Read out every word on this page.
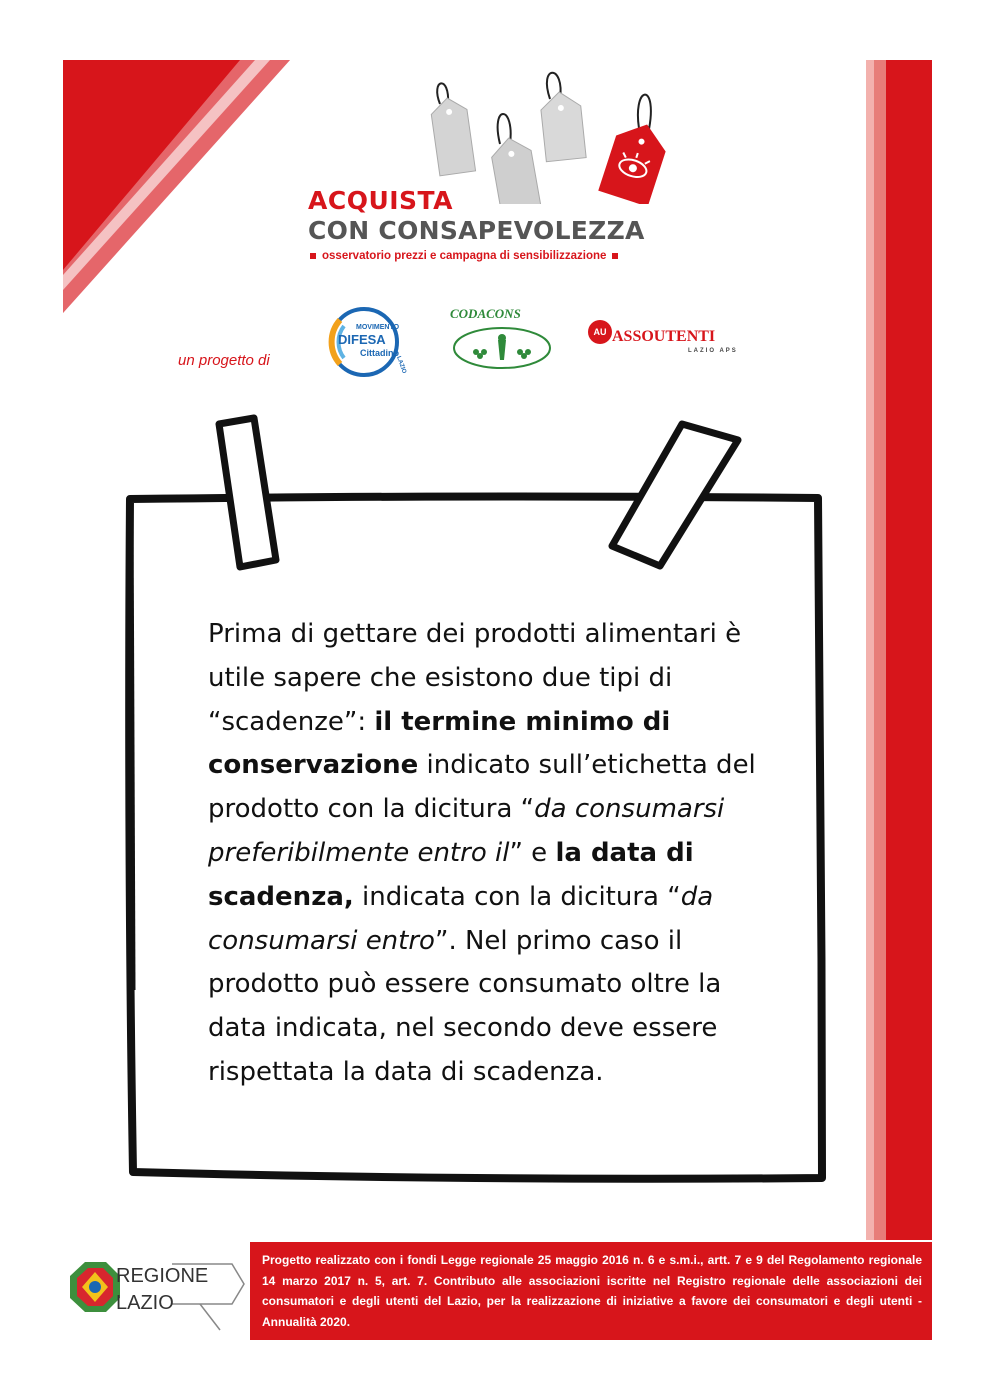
ACQUISTA
CON CONSAPEVOLEZZA
osservatorio prezzi e campagna di sensibilizzazione
un progetto di
MOVIMENTO
DIFESA
Cittadino
LAZIO
CODACONS
AU ASSOUTENTI
LAZIO APS

Prima di gettare dei prodotti alimentari è utile sapere che esistono due tipi di “scadenze”: il termine minimo di conservazione indicato sull’etichetta del prodotto con la dicitura “da consumarsi preferibilmente entro il” e la data di scadenza, indicata con la dicitura “da consumarsi entro”. Nel primo caso il prodotto può essere consumato oltre la data indicata, nel secondo deve essere rispettata la data di scadenza.

REGIONE
LAZIO

Progetto realizzato con i fondi Legge regionale 25 maggio 2016 n. 6 e s.m.i., artt. 7 e 9 del Regolamento regionale 14 marzo 2017 n. 5, art. 7. Contributo alle associazioni iscritte nel Registro regionale delle associazioni dei consumatori e degli utenti del Lazio, per la realizzazione di iniziative a favore dei consumatori e degli utenti - Annualità 2020.
